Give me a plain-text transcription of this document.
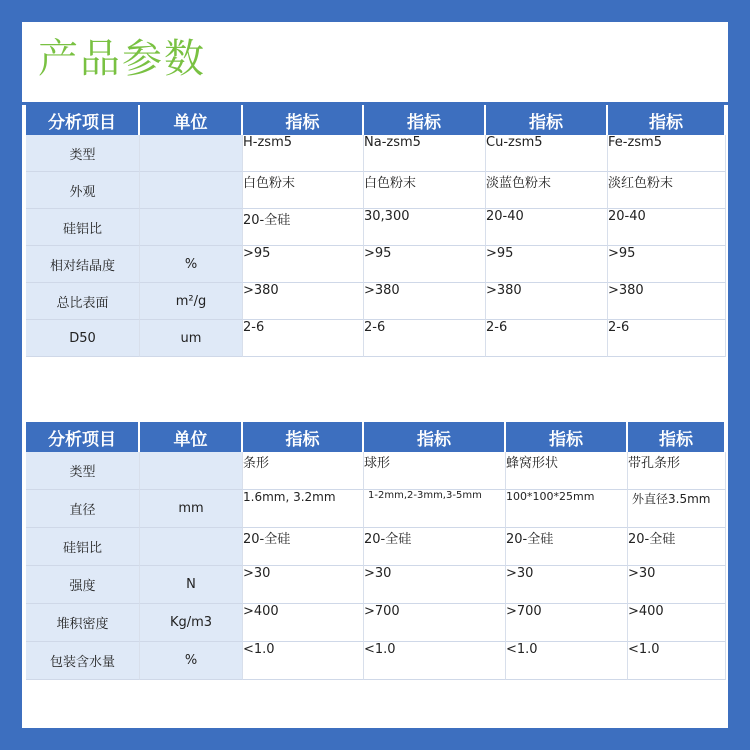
产品参数
分析项目	单位	指标	指标	指标	指标
类型		H-zsm5	Na-zsm5	Cu-zsm5	Fe-zsm5
外观		白色粉末	白色粉末	淡蓝色粉末	淡红色粉末
硅铝比		20-全硅	30,300	20-40	20-40
相对结晶度	%	>95	>95	>95	>95
总比表面	m²/g	>380	>380	>380	>380
D50	um	2-6	2-6	2-6	2-6
分析项目	单位	指标	指标	指标	指标
类型		条形	球形	蜂窝形状	带孔条形
直径	mm	1.6mm, 3.2mm	1-2mm,2-3mm,3-5mm	100*100*25mm	外直径3.5mm
硅铝比		20-全硅	20-全硅	20-全硅	20-全硅
强度	N	>30	>30	>30	>30
堆积密度	Kg/m3	>400	>700	>700	>400
包装含水量	%	<1.0	<1.0	<1.0	<1.0
